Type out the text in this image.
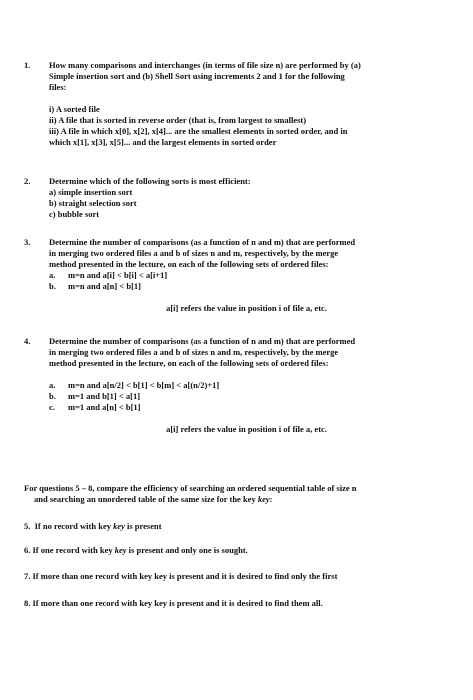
1. How many comparisons and interchanges (in terms of file size n) are performed by (a)
Simple insertion sort and (b) Shell Sort using increments 2 and 1 for the following
files:
i) A sorted file
ii) A file that is sorted in reverse order (that is, from largest to smallest)
iii) A file in which x[0], x[2], x[4]... are the smallest elements in sorted order, and in
which x[1], x[3], x[5]... and the largest elements in sorted order
2. Determine which of the following sorts is most efficient:
a) simple insertion sort
b) straight selection sort
c) bubble sort
3. Determine the number of comparisons (as a function of n and m) that are performed
in merging two ordered files a and b of sizes n and m, respectively, by the merge
method presented in the lecture, on each of the following sets of ordered files:
a.	m=n and a[i] < b[i] < a[i+1]
b.	m=n and a[n] < b[1]
a[i] refers the value in position i of file a, etc.
4. Determine the number of comparisons (as a function of n and m) that are performed
in merging two ordered files a and b of sizes n and m, respectively, by the merge
method presented in the lecture, on each of the following sets of ordered files:
a.	m=n and a[n/2] < b[1] < b[m] < a[(n/2)+1]
b.	m=1 and b[1] < a[1]
c.	m=1 and a[n] < b[1]
a[i] refers the value in position i of file a, etc.
For questions 5 – 8, compare the efficiency of searching an ordered sequential table of size n
and searching an unordered table of the same size for the key key:
5.  If no record with key key is present
6. If one record with key key is present and only one is sought.
7. If more than one record with key key is present and it is desired to find only the first
8. If more than one record with key key is present and it is desired to find them all.
